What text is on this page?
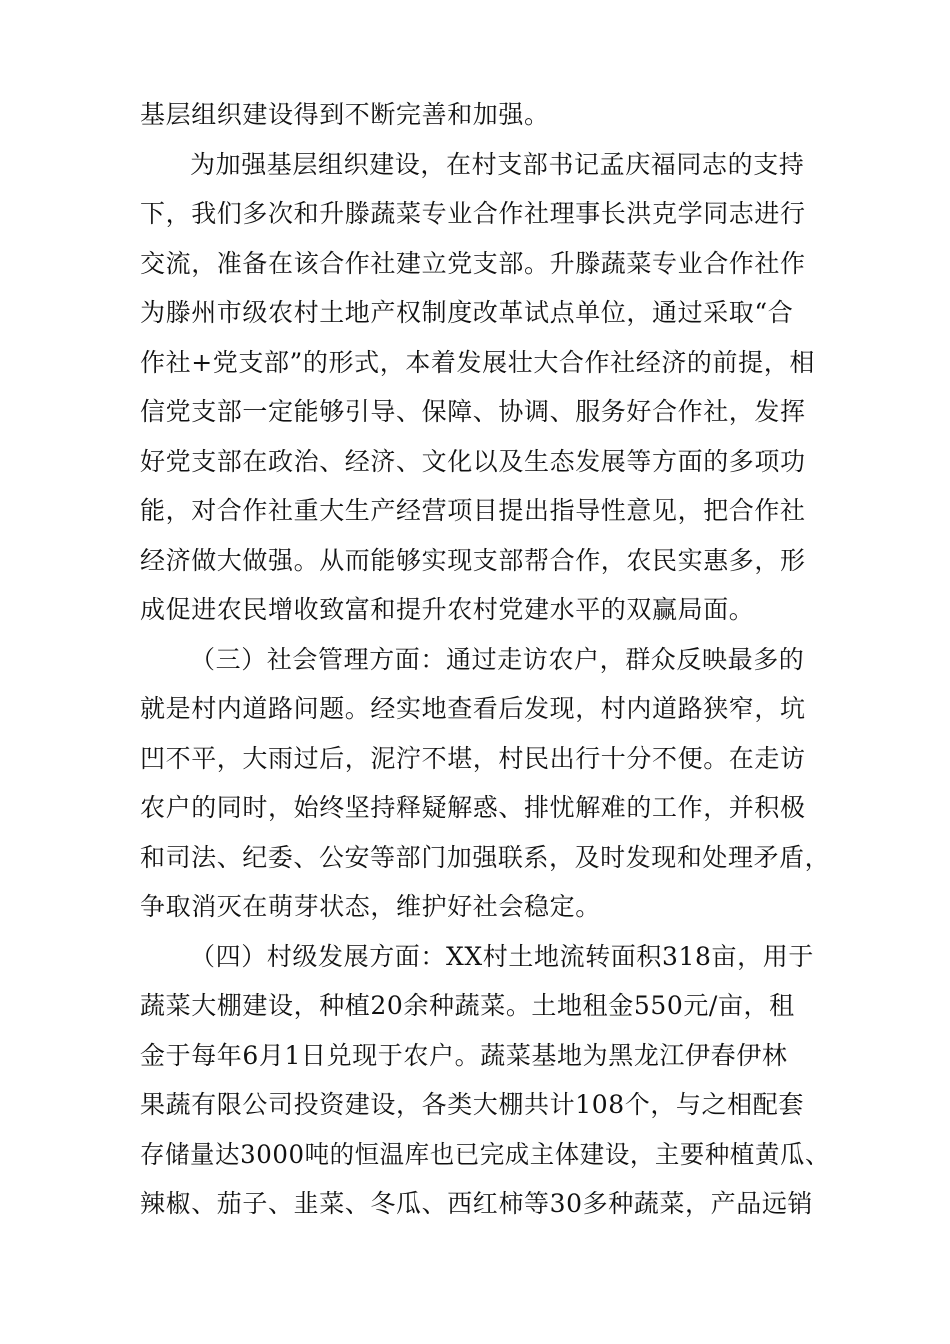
基层组织建设得到不断完善和加强。
为加强基层组织建设，在村支部书记孟庆福同志的支持
下，我们多次和升滕蔬菜专业合作社理事长洪克学同志进行
交流，准备在该合作社建立党支部。升滕蔬菜专业合作社作
为滕州市级农村土地产权制度改革试点单位，通过采取“合
作社+党支部”的形式，本着发展壮大合作社经济的前提，相
信党支部一定能够引导、保障、协调、服务好合作社，发挥
好党支部在政治、经济、文化以及生态发展等方面的多项功
能，对合作社重大生产经营项目提出指导性意见，把合作社
经济做大做强。从而能够实现支部帮合作，农民实惠多，形
成促进农民增收致富和提升农村党建水平的双赢局面。
（三）社会管理方面：通过走访农户，群众反映最多的
就是村内道路问题。经实地查看后发现，村内道路狭窄，坑
凹不平，大雨过后，泥泞不堪，村民出行十分不便。在走访
农户的同时，始终坚持释疑解惑、排忧解难的工作，并积极
和司法、纪委、公安等部门加强联系，及时发现和处理矛盾，
争取消灭在萌芽状态，维护好社会稳定。
（四）村级发展方面：XX村土地流转面积318亩，用于
蔬菜大棚建设，种植20余种蔬菜。土地租金550元/亩，租
金于每年6月1日兑现于农户。蔬菜基地为黑龙江伊春伊林
果蔬有限公司投资建设，各类大棚共计108个，与之相配套
存储量达3000吨的恒温库也已完成主体建设，主要种植黄瓜、
辣椒、茄子、韭菜、冬瓜、西红柿等30多种蔬菜，产品远销
